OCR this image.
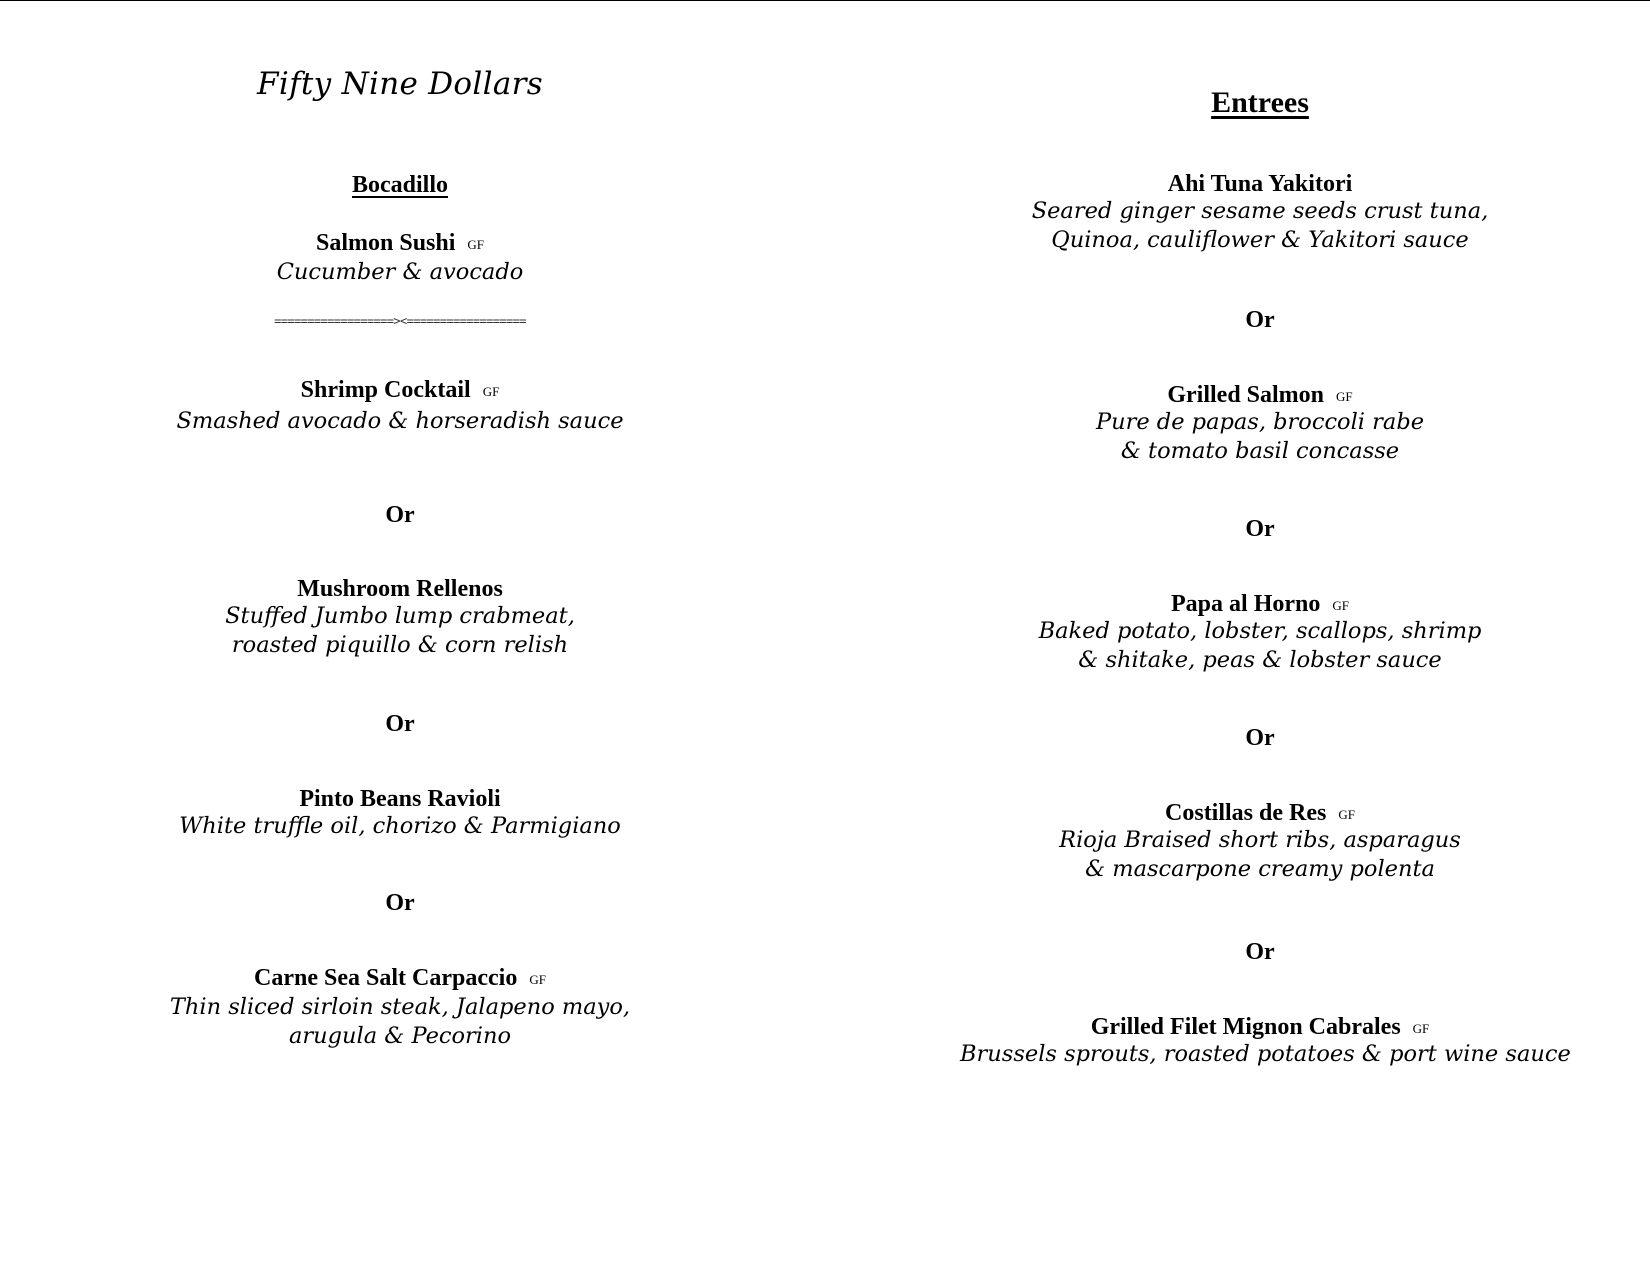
Fifty Nine Dollars
Bocadillo
Salmon Sushi GF
Cucumber & avocado
==================><==================
Shrimp Cocktail GF
Smashed avocado & horseradish sauce
Or
Mushroom Rellenos
Stuffed Jumbo lump crabmeat,
roasted piquillo & corn relish
Or
Pinto Beans Ravioli
White truffle oil, chorizo & Parmigiano
Or
Carne Sea Salt Carpaccio GF
Thin sliced sirloin steak, Jalapeno mayo,
arugula & Pecorino
Entrees
Ahi Tuna Yakitori
Seared ginger sesame seeds crust tuna,
Quinoa, cauliflower & Yakitori sauce
Or
Grilled Salmon GF
Pure de papas, broccoli rabe
& tomato basil concasse
Or
Papa al Horno GF
Baked potato, lobster, scallops, shrimp
& shitake, peas & lobster sauce
Or
Costillas de Res GF
Rioja Braised short ribs, asparagus
& mascarpone creamy polenta
Or
Grilled Filet Mignon Cabrales GF
Brussels sprouts, roasted potatoes & port wine sauce
